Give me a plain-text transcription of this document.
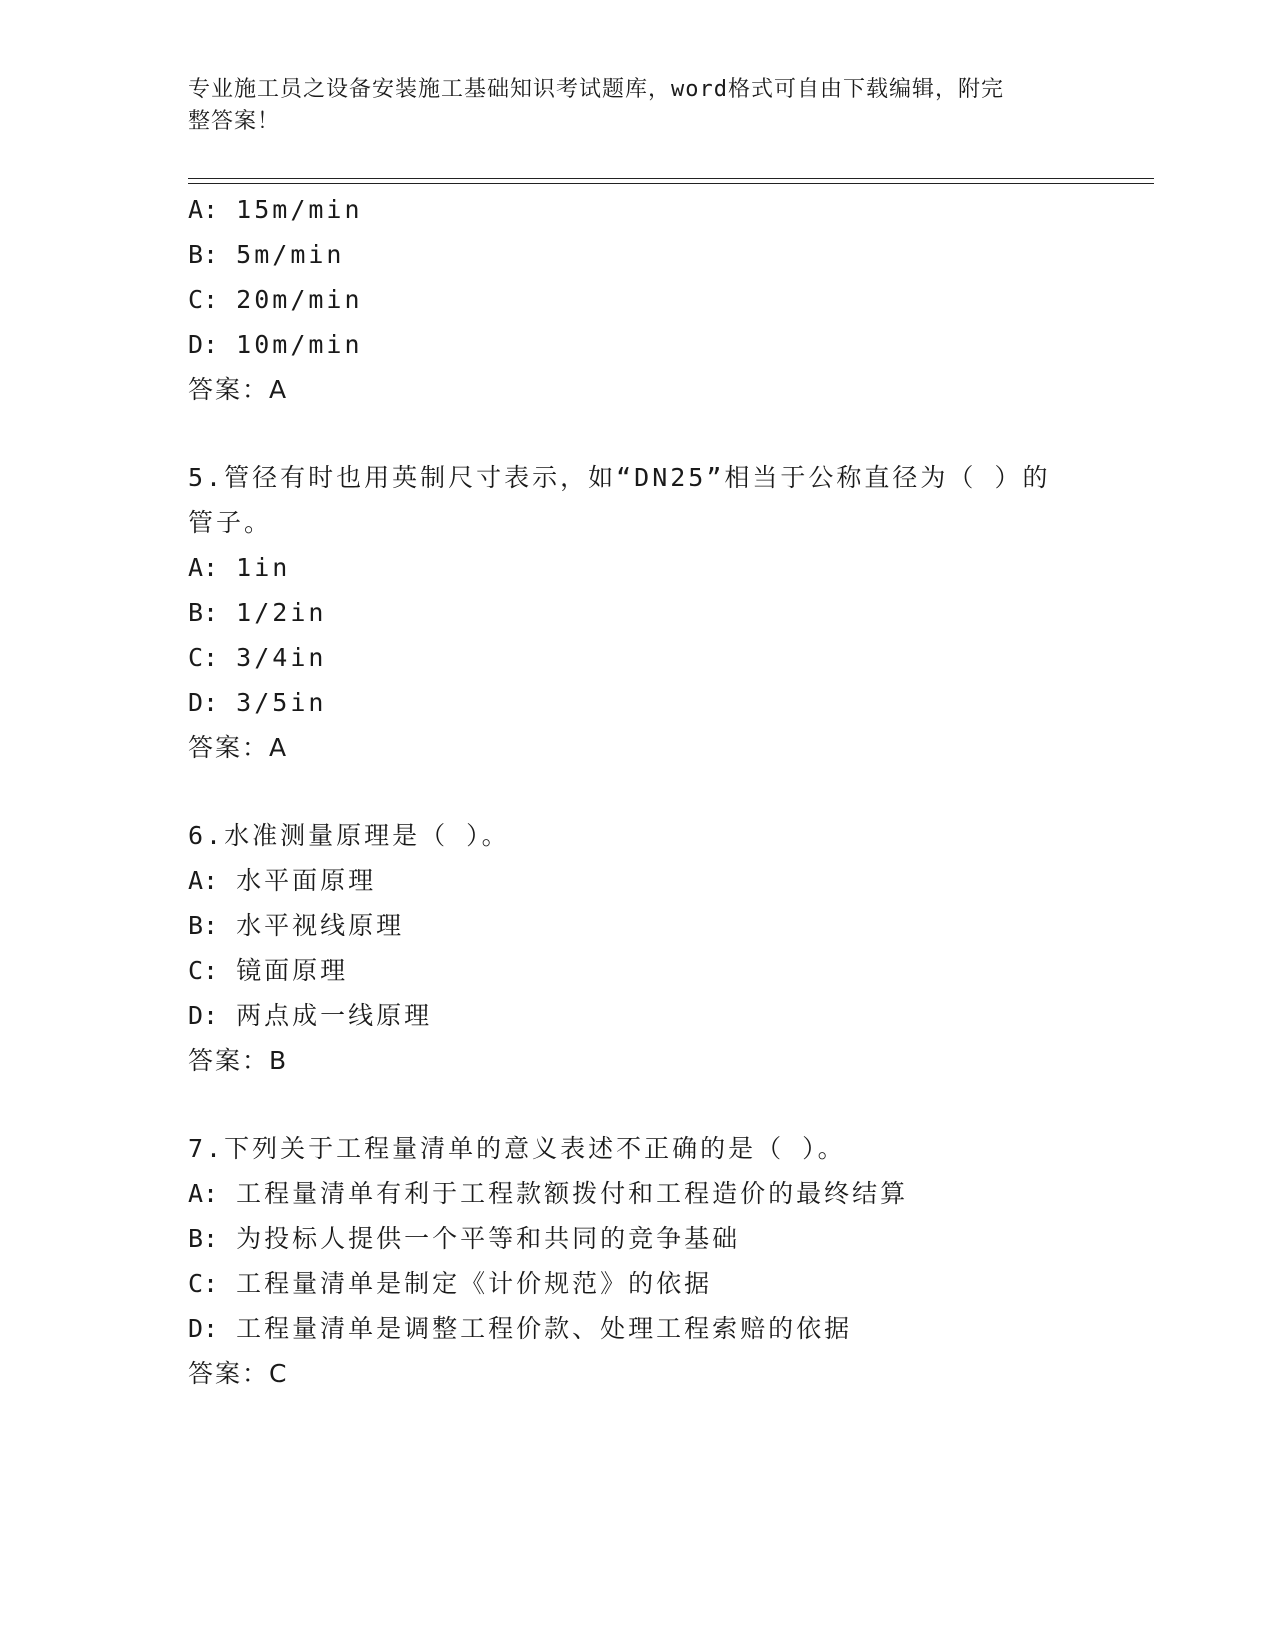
专业施工员之设备安装施工基础知识考试题库，word格式可自由下载编辑，附完
整答案！
A: 15m/min
B: 5m/min
C: 20m/min
D: 10m/min
答案：A
5.管径有时也用英制尺寸表示，如“DN25”相当于公称直径为（ ）的
管子。
A: 1in
B: 1/2in
C: 3/4in
D: 3/5in
答案：A
6.水准测量原理是（ ）。
A: 水平面原理
B: 水平视线原理
C: 镜面原理
D: 两点成一线原理
答案：B
7.下列关于工程量清单的意义表述不正确的是（ ）。
A: 工程量清单有利于工程款额拨付和工程造价的最终结算
B: 为投标人提供一个平等和共同的竞争基础
C: 工程量清单是制定《计价规范》的依据
D: 工程量清单是调整工程价款、处理工程索赔的依据
答案：C
